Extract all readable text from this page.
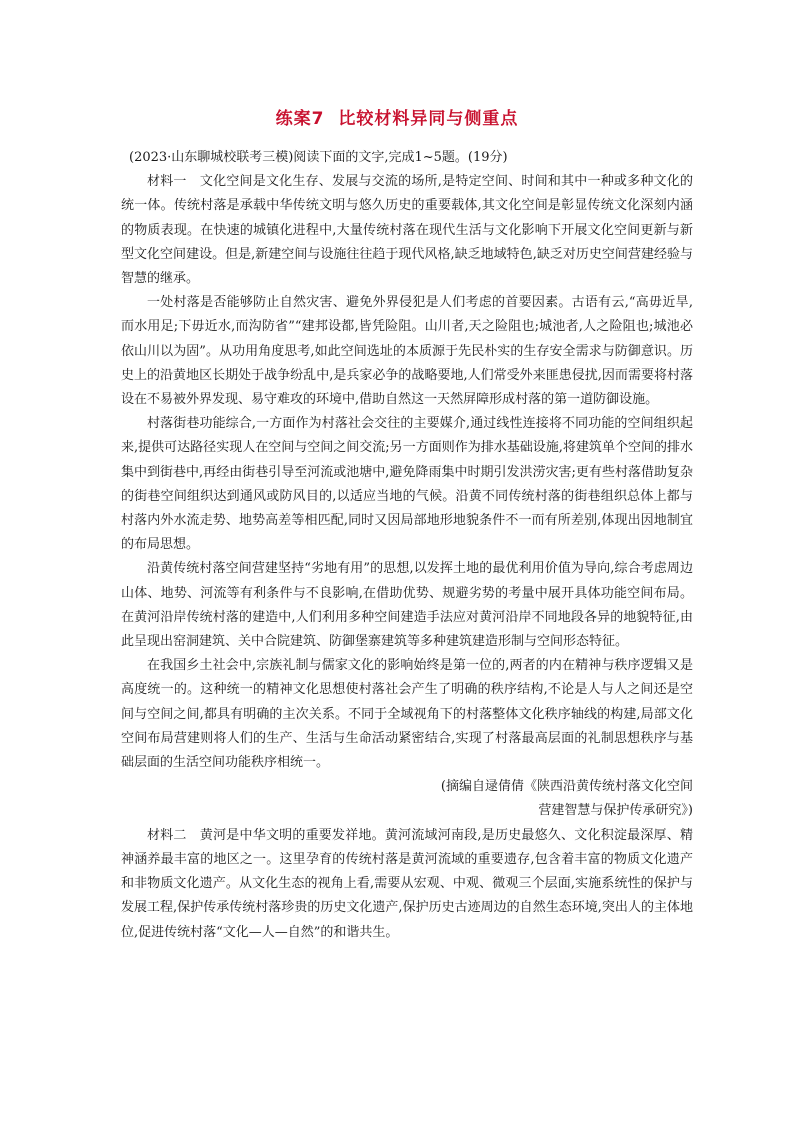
练案7 比较材料异同与侧重点

(2023·山东聊城校联考三模)阅读下面的文字,完成1~5题。(19分)

材料一　文化空间是文化生存、发展与交流的场所,是特定空间、时间和其中一种或多种文化的统一体。传统村落是承载中华传统文明与悠久历史的重要载体,其文化空间是彰显传统文化深刻内涵的物质表现。在快速的城镇化进程中,大量传统村落在现代生活与文化影响下开展文化空间更新与新型文化空间建设。但是,新建空间与设施往往趋于现代风格,缺乏地域特色,缺乏对历史空间营建经验与智慧的继承。

一处村落是否能够防止自然灾害、避免外界侵犯是人们考虑的首要因素。古语有云,“高毋近旱,而水用足;下毋近水,而沟防省”“建邦设都,皆凭险阻。山川者,天之险阻也;城池者,人之险阻也;城池必依山川以为固”。从功用角度思考,如此空间选址的本质源于先民朴实的生存安全需求与防御意识。历史上的沿黄地区长期处于战争纷乱中,是兵家必争的战略要地,人们常受外来匪患侵扰,因而需要将村落设在不易被外界发现、易守难攻的环境中,借助自然这一天然屏障形成村落的第一道防御设施。

村落街巷功能综合,一方面作为村落社会交往的主要媒介,通过线性连接将不同功能的空间组织起来,提供可达路径实现人在空间与空间之间交流;另一方面则作为排水基础设施,将建筑单个空间的排水集中到街巷中,再经由街巷引导至河流或池塘中,避免降雨集中时期引发洪涝灾害;更有些村落借助复杂的街巷空间组织达到通风或防风目的,以适应当地的气候。沿黄不同传统村落的街巷组织总体上都与村落内外水流走势、地势高差等相匹配,同时又因局部地形地貌条件不一而有所差别,体现出因地制宜的布局思想。

沿黄传统村落空间营建坚持“劣地有用”的思想,以发挥土地的最优利用价值为导向,综合考虑周边山体、地势、河流等有利条件与不良影响,在借助优势、规避劣势的考量中展开具体功能空间布局。在黄河沿岸传统村落的建造中,人们利用多种空间建造手法应对黄河沿岸不同地段各异的地貌特征,由此呈现出窑洞建筑、关中合院建筑、防御堡寨建筑等多种建筑建造形制与空间形态特征。

在我国乡土社会中,宗族礼制与儒家文化的影响始终是第一位的,两者的内在精神与秩序逻辑又是高度统一的。这种统一的精神文化思想使村落社会产生了明确的秩序结构,不论是人与人之间还是空间与空间之间,都具有明确的主次关系。不同于全域视角下的村落整体文化秩序轴线的构建,局部文化空间布局营建则将人们的生产、生活与生命活动紧密结合,实现了村落最高层面的礼制思想秩序与基础层面的生活空间功能秩序相统一。

(摘编自逯倩倩《陕西沿黄传统村落文化空间
营建智慧与保护传承研究》)

材料二　黄河是中华文明的重要发祥地。黄河流域河南段,是历史最悠久、文化积淀最深厚、精神涵养最丰富的地区之一。这里孕育的传统村落是黄河流域的重要遗存,包含着丰富的物质文化遗产和非物质文化遗产。从文化生态的视角上看,需要从宏观、中观、微观三个层面,实施系统性的保护与发展工程,保护传承传统村落珍贵的历史文化遗产,保护历史古迹周边的自然生态环境,突出人的主体地位,促进传统村落“文化—人—自然”的和谐共生。
